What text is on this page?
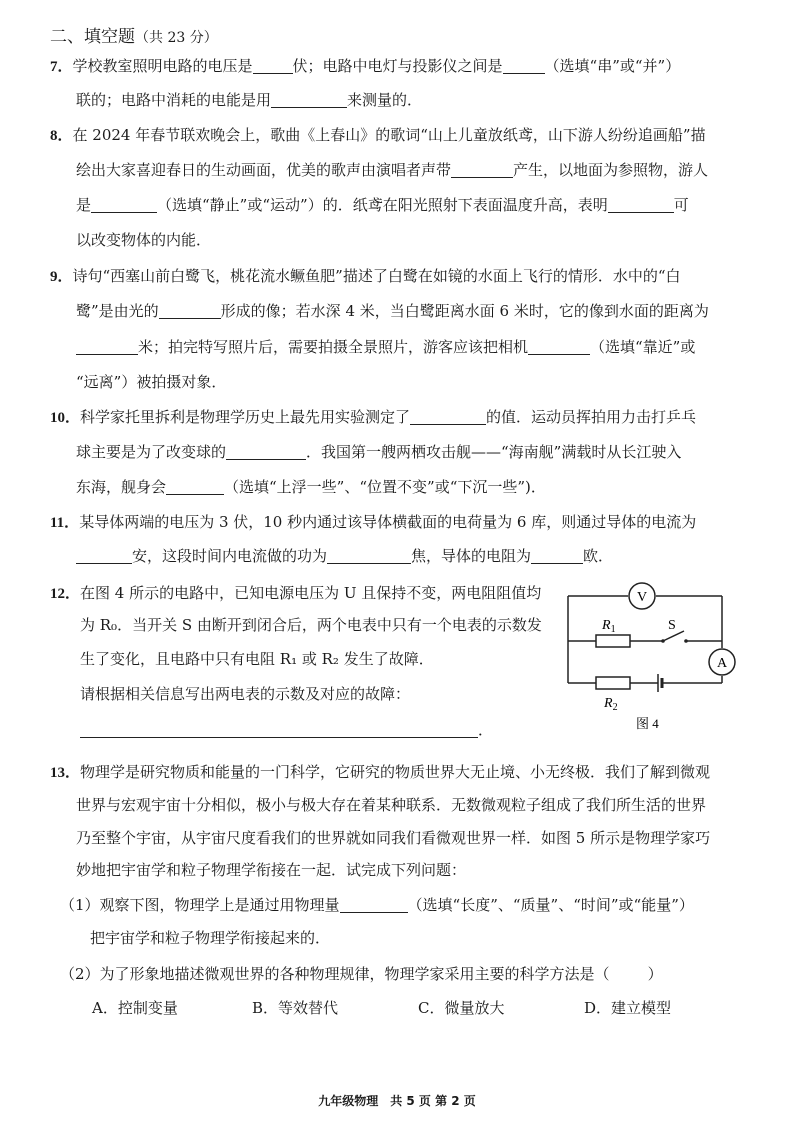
二、填空题（共 23 分）
7．学校教室照明电路的电压是	伏；电路中电灯与投影仪之间是	（选填“串”或“并”）
联的；电路中消耗的电能是用	来测量的．
8．在 2024 年春节联欢晚会上，歌曲《上春山》的歌词“山上儿童放纸鸢，山下游人纷纷追画船”描
绘出大家喜迎春日的生动画面，优美的歌声由演唱者声带	产生，以地面为参照物，游人
是	（选填“静止”或“运动”）的．纸鸢在阳光照射下表面温度升高，表明	可
以改变物体的内能．
9．诗句“西塞山前白鹭飞，桃花流水鳜鱼肥”描述了白鹭在如镜的水面上飞行的情形．水中的“白
鹭”是由光的	形成的像；若水深 4 米，当白鹭距离水面 6 米时，它的像到水面的距离为
米；拍完特写照片后，需要拍摄全景照片，游客应该把相机	（选填“靠近”或
“远离”）被拍摄对象．
10．科学家托里拆利是物理学历史上最先用实验测定了	的值．运动员挥拍用力击打乒乓
球主要是为了改变球的	．我国第一艘两栖攻击舰——“海南舰”满载时从长江驶入
东海，舰身会	（选填“上浮一些”、“位置不变”或“下沉一些”)．
11．某导体两端的电压为 3 伏，10 秒内通过该导体横截面的电荷量为 6 库，则通过导体的电流为
安，这段时间内电流做的功为	焦，导体的电阻为	欧．
12．在图 4 所示的电路中，已知电源电压为 U 且保持不变，两电阻阻值均
为 R₀．当开关 S 由断开到闭合后，两个电表中只有一个电表的示数发
生了变化，且电路中只有电阻 R₁ 或 R₂ 发生了故障．
请根据相关信息写出两电表的示数及对应的故障：
．
V
A
$R_1$	S
$R_2$
图 4
13．物理学是研究物质和能量的一门科学，它研究的物质世界大无止境、小无终极．我们了解到微观
世界与宏观宇宙十分相似，极小与极大存在着某种联系．无数微观粒子组成了我们所生活的世界
乃至整个宇宙，从宇宙尺度看我们的世界就如同我们看微观世界一样．如图 5 所示是物理学家巧
妙地把宇宙学和粒子物理学衔接在一起．试完成下列问题：
（1）观察下图，物理学上是通过用物理量	（选填“长度”、“质量”、“时间”或“能量”）
把宇宙学和粒子物理学衔接起来的．
（2）为了形象地描述微观世界的各种物理规律，物理学家采用主要的科学方法是（	）
A．控制变量	B．等效替代	C．微量放大	D．建立模型
九年级物理　共 5 页 第 2 页
